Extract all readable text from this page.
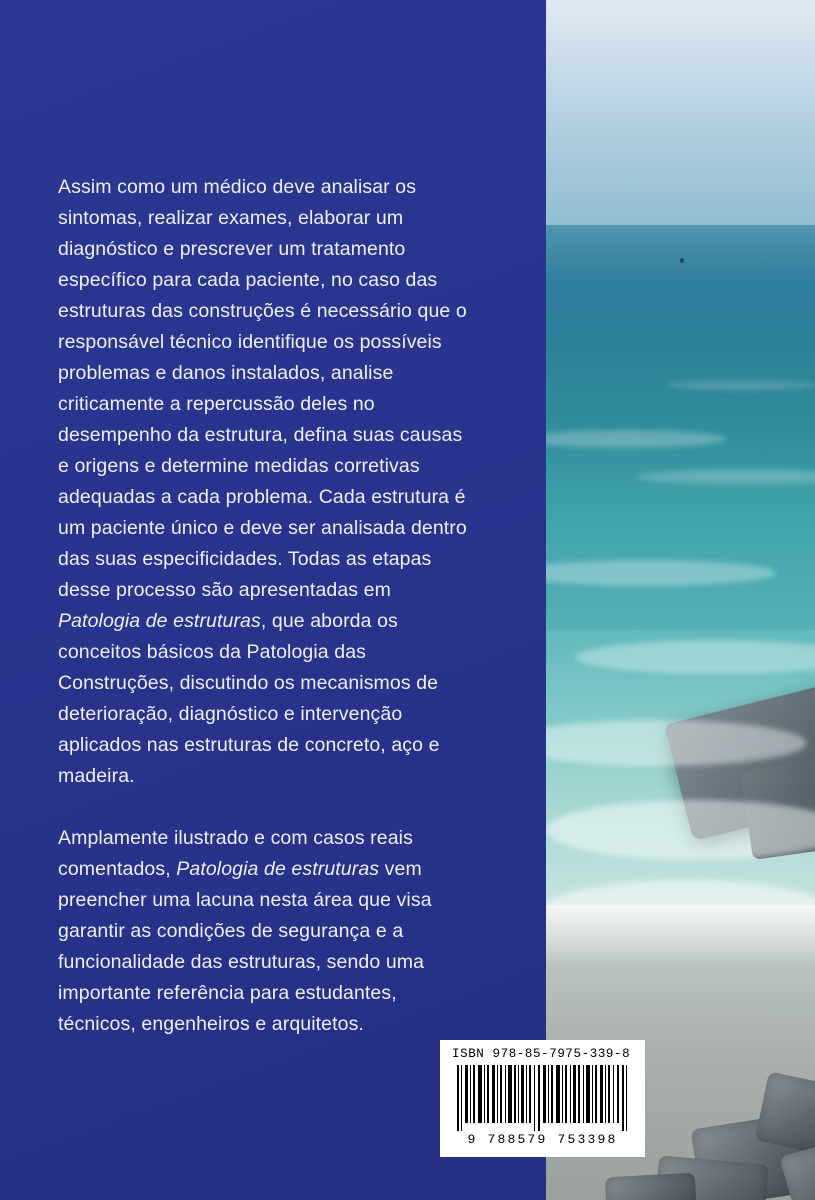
Assim como um médico deve analisar os sintomas, realizar exames, elaborar um diagnóstico e prescrever um tratamento específico para cada paciente, no caso das estruturas das construções é necessário que o responsável técnico identifique os possíveis problemas e danos instalados, analise criticamente a repercussão deles no desempenho da estrutura, defina suas causas e origens e determine medidas corretivas adequadas a cada problema. Cada estrutura é um paciente único e deve ser analisada dentro das suas especificidades. Todas as etapas desse processo são apresentadas em Patologia de estruturas, que aborda os conceitos básicos da Patologia das Construções, discutindo os mecanismos de deterioração, diagnóstico e intervenção aplicados nas estruturas de concreto, aço e madeira.

Amplamente ilustrado e com casos reais comentados, Patologia de estruturas vem preencher uma lacuna nesta área que visa garantir as condições de segurança e a funcionalidade das estruturas, sendo uma importante referência para estudantes, técnicos, engenheiros e arquitetos.

ISBN 978-85-7975-339-8
9 788579 753398
